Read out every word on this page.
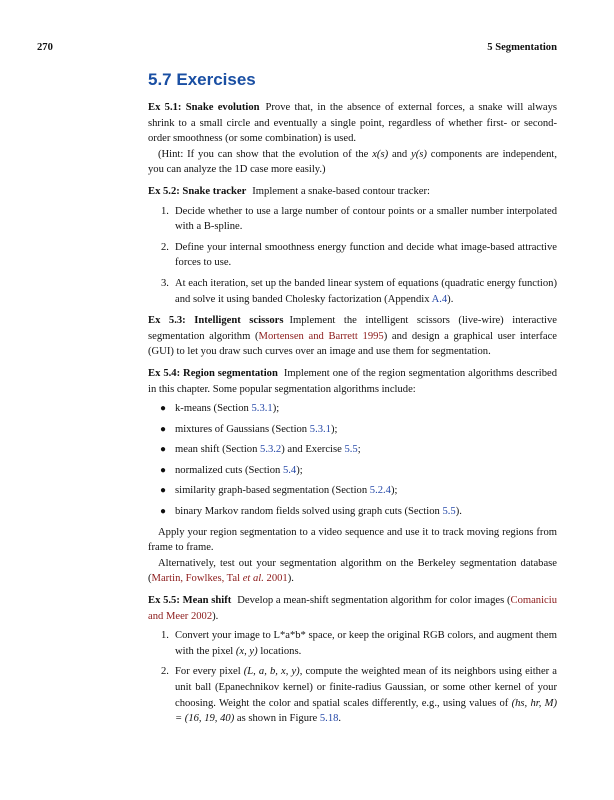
270	5 Segmentation
5.7 Exercises

Ex 5.1: Snake evolution Prove that, in the absence of external forces, a snake will always shrink to a small circle and eventually a single point, regardless of whether first- or second-order smoothness (or some combination) is used.

(Hint: If you can show that the evolution of the x(s) and y(s) components are independent, you can analyze the 1D case more easily.)

Ex 5.2: Snake tracker Implement a snake-based contour tracker:

1. Decide whether to use a large number of contour points or a smaller number interpolated with a B-spline.
2. Define your internal smoothness energy function and decide what image-based attractive forces to use.
3. At each iteration, set up the banded linear system of equations (quadratic energy function) and solve it using banded Cholesky factorization (Appendix A.4).

Ex 5.3: Intelligent scissors Implement the intelligent scissors (live-wire) interactive segmentation algorithm (Mortensen and Barrett 1995) and design a graphical user interface (GUI) to let you draw such curves over an image and use them for segmentation.

Ex 5.4: Region segmentation Implement one of the region segmentation algorithms described in this chapter. Some popular segmentation algorithms include:

● k-means (Section 5.3.1);
● mixtures of Gaussians (Section 5.3.1);
● mean shift (Section 5.3.2) and Exercise 5.5;
● normalized cuts (Section 5.4);
● similarity graph-based segmentation (Section 5.2.4);
● binary Markov random fields solved using graph cuts (Section 5.5).

Apply your region segmentation to a video sequence and use it to track moving regions from frame to frame.

Alternatively, test out your segmentation algorithm on the Berkeley segmentation database (Martin, Fowlkes, Tal et al. 2001).

Ex 5.5: Mean shift Develop a mean-shift segmentation algorithm for color images (Comaniciu and Meer 2002).

1. Convert your image to L*a*b* space, or keep the original RGB colors, and augment them with the pixel (x, y) locations.
2. For every pixel (L, a, b, x, y), compute the weighted mean of its neighbors using either a unit ball (Epanechnikov kernel) or finite-radius Gaussian, or some other kernel of your choosing. Weight the color and spatial scales differently, e.g., using values of (hs, hr, M) = (16, 19, 40) as shown in Figure 5.18.
